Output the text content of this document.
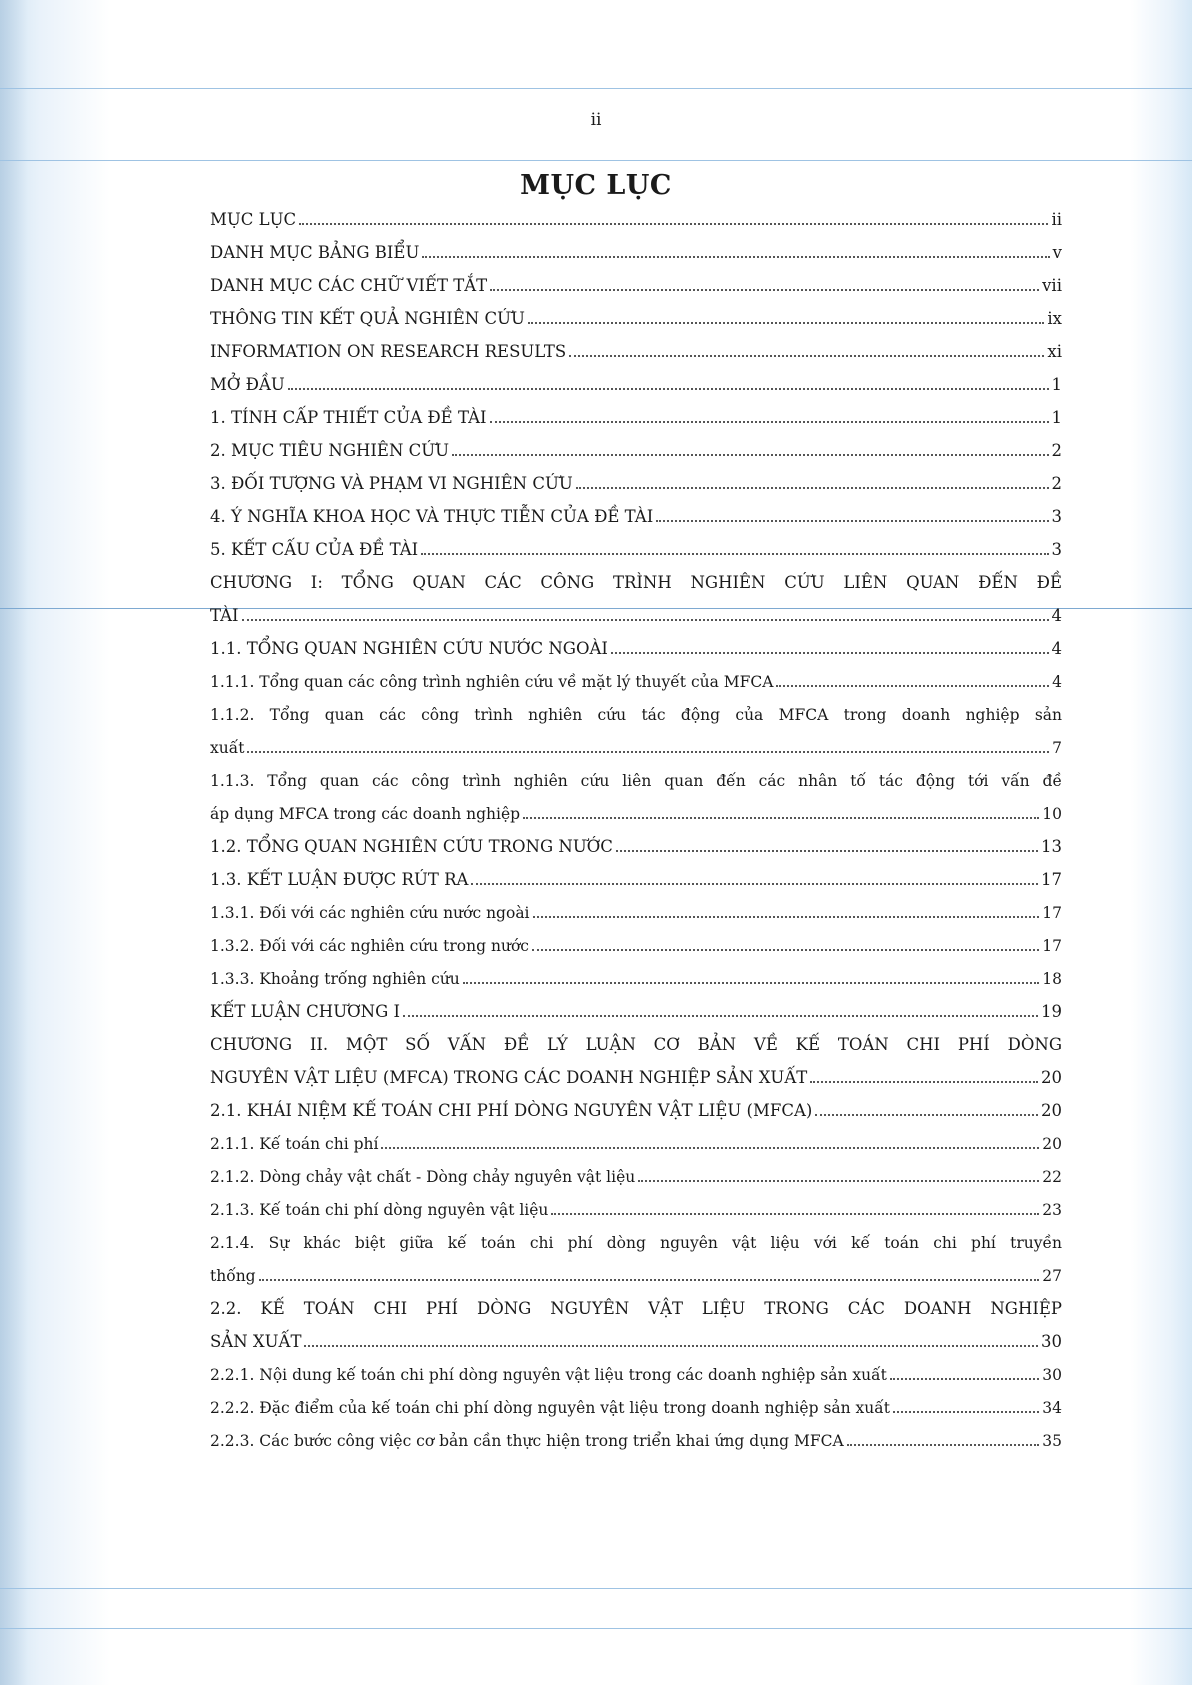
ii
MỤC LỤC
MỤC LỤC	ii
DANH MỤC BẢNG BIỂU	v
DANH MỤC CÁC CHỮ VIẾT TẮT	vii
THÔNG TIN KẾT QUẢ NGHIÊN CỨU	ix
INFORMATION ON RESEARCH RESULTS	xi
MỞ ĐẦU	1
1. TÍNH CẤP THIẾT CỦA ĐỀ TÀI	1
2. MỤC TIÊU NGHIÊN CỨU	2
3. ĐỐI TƯỢNG VÀ PHẠM VI NGHIÊN CỨU	2
4. Ý NGHĨA KHOA HỌC VÀ THỰC TIỄN CỦA ĐỀ TÀI	3
5. KẾT CẤU CỦA ĐỀ TÀI	3
CHƯƠNG I: TỔNG QUAN CÁC CÔNG TRÌNH NGHIÊN CỨU LIÊN QUAN ĐẾN ĐỀ
TÀI	4
1.1. TỔNG QUAN NGHIÊN CỨU NƯỚC NGOÀI	4
1.1.1. Tổng quan các công trình nghiên cứu về mặt lý thuyết của MFCA	4
1.1.2. Tổng quan các công trình nghiên cứu tác động của MFCA trong doanh nghiệp sản
xuất	7
1.1.3. Tổng quan các công trình nghiên cứu liên quan đến các nhân tố tác động tới vấn đề
áp dụng MFCA trong các doanh nghiệp	10
1.2. TỔNG QUAN NGHIÊN CỨU TRONG NƯỚC	13
1.3. KẾT LUẬN ĐƯỢC RÚT RA	17
1.3.1. Đối với các nghiên cứu nước ngoài	17
1.3.2. Đối với các nghiên cứu trong nước	17
1.3.3. Khoảng trống nghiên cứu	18
KẾT LUẬN CHƯƠNG I	19
CHƯƠNG II. MỘT SỐ VẤN ĐỀ LÝ LUẬN CƠ BẢN VỀ KẾ TOÁN CHI PHÍ DÒNG
NGUYÊN VẬT LIỆU (MFCA) TRONG CÁC DOANH NGHIỆP SẢN XUẤT	20
2.1. KHÁI NIỆM KẾ TOÁN CHI PHÍ DÒNG NGUYÊN VẬT LIỆU (MFCA)	20
2.1.1. Kế toán chi phí	20
2.1.2. Dòng chảy vật chất - Dòng chảy nguyên vật liệu	22
2.1.3. Kế toán chi phí dòng nguyên vật liệu	23
2.1.4. Sự khác biệt giữa kế toán chi phí dòng nguyên vật liệu với kế toán chi phí truyền
thống	27
2.2. KẾ TOÁN CHI PHÍ DÒNG NGUYÊN VẬT LIỆU TRONG CÁC DOANH NGHIỆP
SẢN XUẤT	30
2.2.1. Nội dung kế toán chi phí dòng nguyên vật liệu trong các doanh nghiệp sản xuất	30
2.2.2. Đặc điểm của kế toán chi phí dòng nguyên vật liệu trong doanh nghiệp sản xuất	34
2.2.3. Các bước công việc cơ bản cần thực hiện trong triển khai ứng dụng MFCA	35
